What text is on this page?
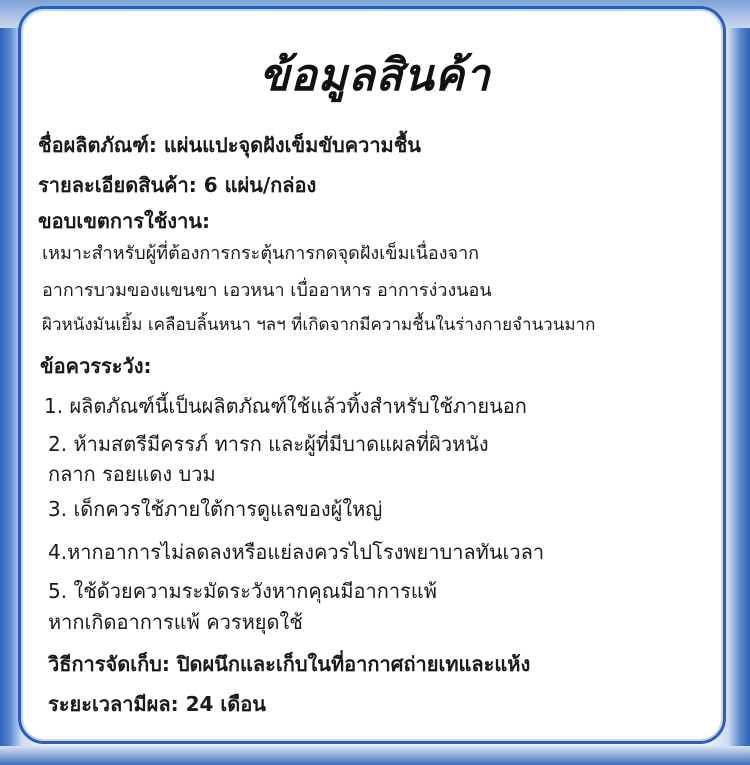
ข้อมูลสินค้า
ชื่อผลิตภัณฑ์: แผ่นแปะจุดฝังเข็มขับความชื้น
รายละเอียดสินค้า: 6 แผ่น/กล่อง
ขอบเขตการใช้งาน:
เหมาะสำหรับผู้ที่ต้องการกระตุ้นการกดจุดฝังเข็มเนื่องจาก
อาการบวมของแขนขา เอวหนา เบื่ออาหาร อาการง่วงนอน
ผิวหนังมันเยิ้ม เคลือบลิ้นหนา ฯลฯ ที่เกิดจากมีความชื้นในร่างกายจำนวนมาก
ข้อควรระวัง:
1. ผลิตภัณฑ์นี้เป็นผลิตภัณฑ์ใช้แล้วทิ้งสำหรับใช้ภายนอก
2. ห้ามสตรีมีครรภ์ ทารก และผู้ที่มีบาดแผลที่ผิวหนัง
กลาก รอยแดง บวม
3. เด็กควรใช้ภายใต้การดูแลของผู้ใหญ่
4.หากอาการไม่ลดลงหรือแย่ลงควรไปโรงพยาบาลทันเวลา
5. ใช้ด้วยความระมัดระวังหากคุณมีอาการแพ้
หากเกิดอาการแพ้ ควรหยุดใช้
วิธีการจัดเก็บ: ปิดผนึกและเก็บในที่อากาศถ่ายเทและแห้ง
ระยะเวลามีผล: 24 เดือน
